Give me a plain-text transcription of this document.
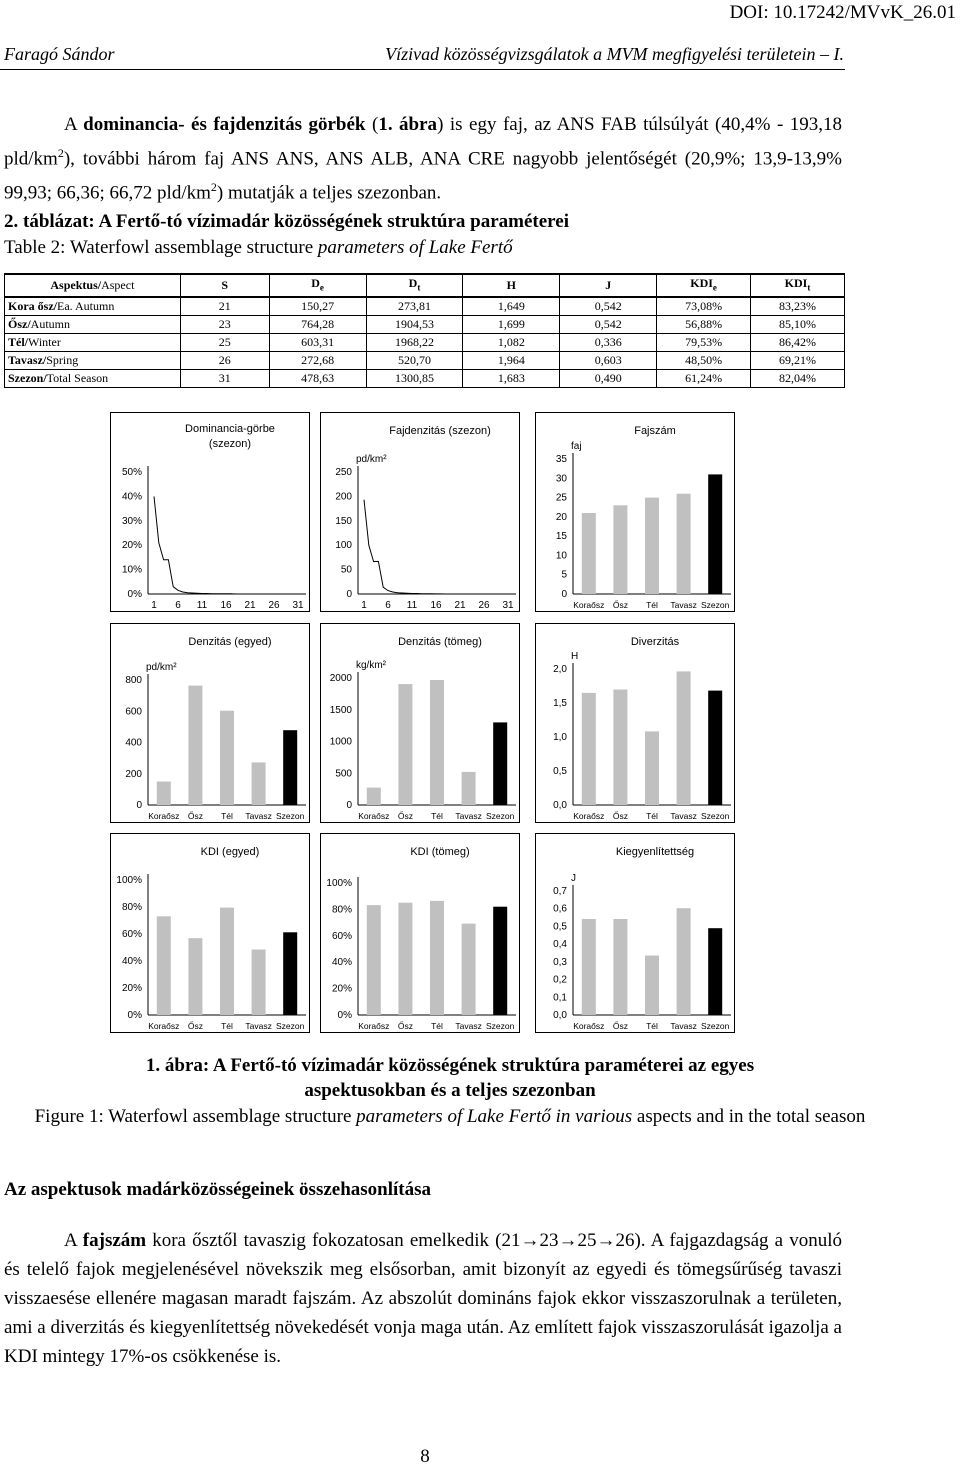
DOI: 10.17242/MVvK_26.01
Faragó Sándor	Vízivad közösségvizsgálatok a MVM megfigyelési területein – I.
A dominancia- és fajdenzitás görbék (1. ábra) is egy faj, az ANS FAB túlsúlyát (40,4% - 193,18 pld/$km^2$), további három faj ANS ANS, ANS ALB, ANA CRE nagyobb jelentőségét (20,9%; 13,9-13,9% 99,93; 66,36; 66,72 pld/$km^2$) mutatják a teljes szezonban.
2. táblázat: A Fertő-tó vízimadár közösségének struktúra paraméterei
Table 2: Waterfowl assemblage structure parameters of Lake Fertő
Aspektus/Aspect	S	$D_e$	$D_t$	H	J	$KDI_e$	$KDI_t$
Kora ősz/Ea. Autumn	21	150,27	273,81	1,649	0,542	73,08%	83,23%
Ősz/Autumn	23	764,28	1904,53	1,699	0,542	56,88%	85,10%
Tél/Winter	25	603,31	1968,22	1,082	0,336	79,53%	86,42%
Tavasz/Spring	26	272,68	520,70	1,964	0,603	48,50%	69,21%
Szezon/Total Season	31	478,63	1300,85	1,683	0,490	61,24%	82,04%
Dominancia-görbe
(szezon)
0%
10%
20%
30%
40%
50%
1 6 11 16 21 26 31
Fajdenzitás (szezon)
pd/km²
0
50
100
150
200
250
1 6 11 16 21 26 31
Fajszám
faj
0
5
10
15
20
25
30
35
Koraősz Ősz Tél Tavasz Szezon
Denzitás (egyed)
pd/km²
0
200
400
600
800
Koraősz Ősz Tél Tavasz Szezon
Denzitás (tömeg)
kg/km²
0
500
1000
1500
2000
Koraősz Ősz Tél Tavasz Szezon
Diverzitás
H
0,0
0,5
1,0
1,5
2,0
Koraősz Ősz Tél Tavasz Szezon
KDI (egyed)
0%
20%
40%
60%
80%
100%
Koraősz Ősz Tél Tavasz Szezon
KDI (tömeg)
0%
20%
40%
60%
80%
100%
Koraősz Ősz Tél Tavasz Szezon
Kiegyenlítettség
J
0,0
0,1
0,2
0,3
0,4
0,5
0,6
0,7
Koraősz Ősz Tél Tavasz Szezon
1. ábra: A Fertő-tó vízimadár közösségének struktúra paraméterei az egyes
aspektusokban és a teljes szezonban
Figure 1: Waterfowl assemblage structure parameters of Lake Fertő in various aspects and in the total season
Az aspektusok madárközösségeinek összehasonlítása
A fajszám kora ősztől tavaszig fokozatosan emelkedik (21→23→25→26). A fajgazdagság a vonuló és telelő fajok megjelenésével növekszik meg elsősorban, amit bizonyít az egyedi és tömegsűrűség tavaszi visszaesése ellenére magasan maradt fajszám. Az abszolút domináns fajok ekkor visszaszorulnak a területen, ami a diverzitás és kiegyenlítettség növekedését vonja maga után. Az említett fajok visszaszorulását igazolja a KDI mintegy 17%-os csökkenése is.
8
